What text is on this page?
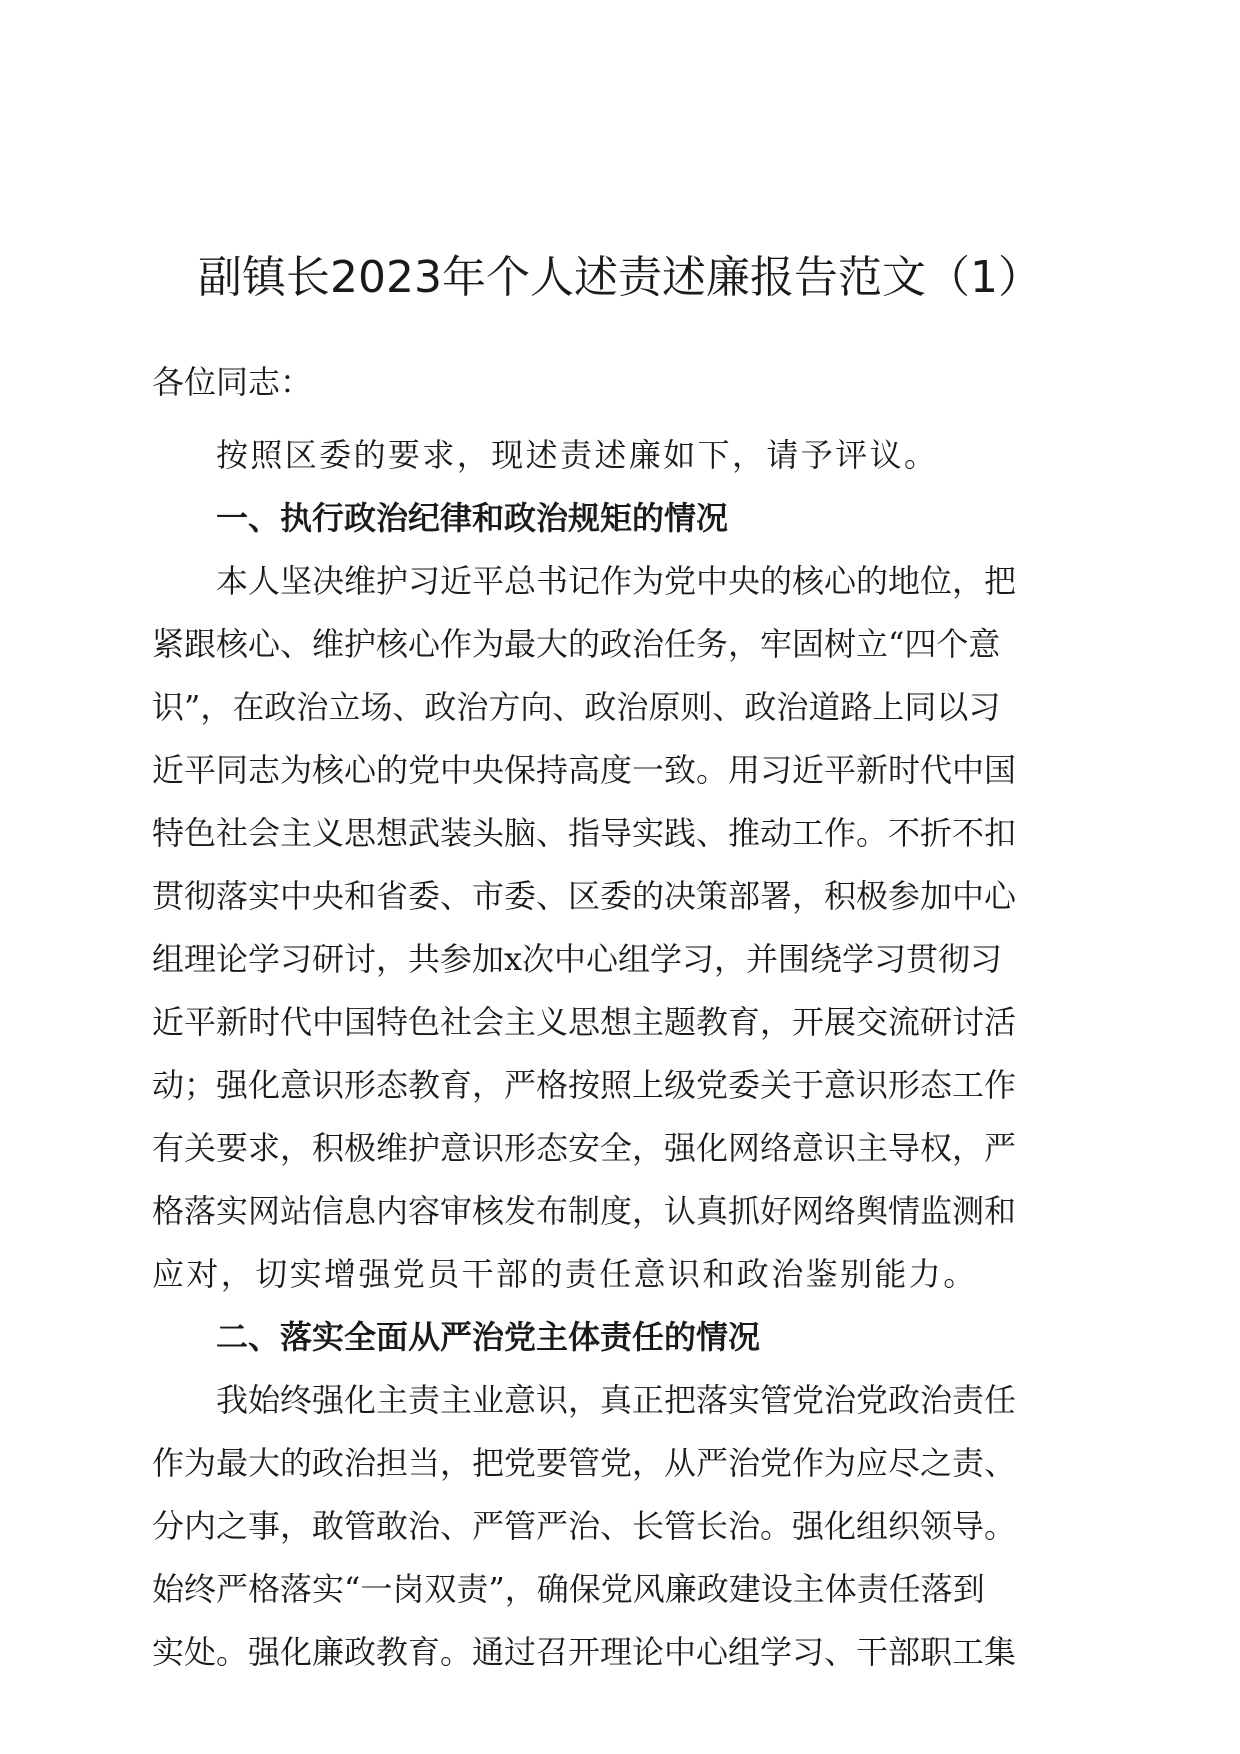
副镇长2023年个人述责述廉报告范文（1）
各位同志：

按照区委的要求，现述责述廉如下，请予评议。

一、执行政治纪律和政治规矩的情况

本人坚决维护习近平总书记作为党中央的核心的地位，把
紧跟核心、维护核心作为最大的政治任务，牢固树立“四个意
识”，在政治立场、政治方向、政治原则、政治道路上同以习
近平同志为核心的党中央保持高度一致。用习近平新时代中国
特色社会主义思想武装头脑、指导实践、推动工作。不折不扣
贯彻落实中央和省委、市委、区委的决策部署，积极参加中心
组理论学习研讨，共参加x次中心组学习，并围绕学习贯彻习
近平新时代中国特色社会主义思想主题教育，开展交流研讨活
动；强化意识形态教育，严格按照上级党委关于意识形态工作
有关要求，积极维护意识形态安全，强化网络意识主导权，严
格落实网站信息内容审核发布制度，认真抓好网络舆情监测和
应对，切实增强党员干部的责任意识和政治鉴别能力。

二、落实全面从严治党主体责任的情况

我始终强化主责主业意识，真正把落实管党治党政治责任
作为最大的政治担当，把党要管党，从严治党作为应尽之责、
分内之事，敢管敢治、严管严治、长管长治。强化组织领导。
始终严格落实“一岗双责”，确保党风廉政建设主体责任落到
实处。强化廉政教育。通过召开理论中心组学习、干部职工集
